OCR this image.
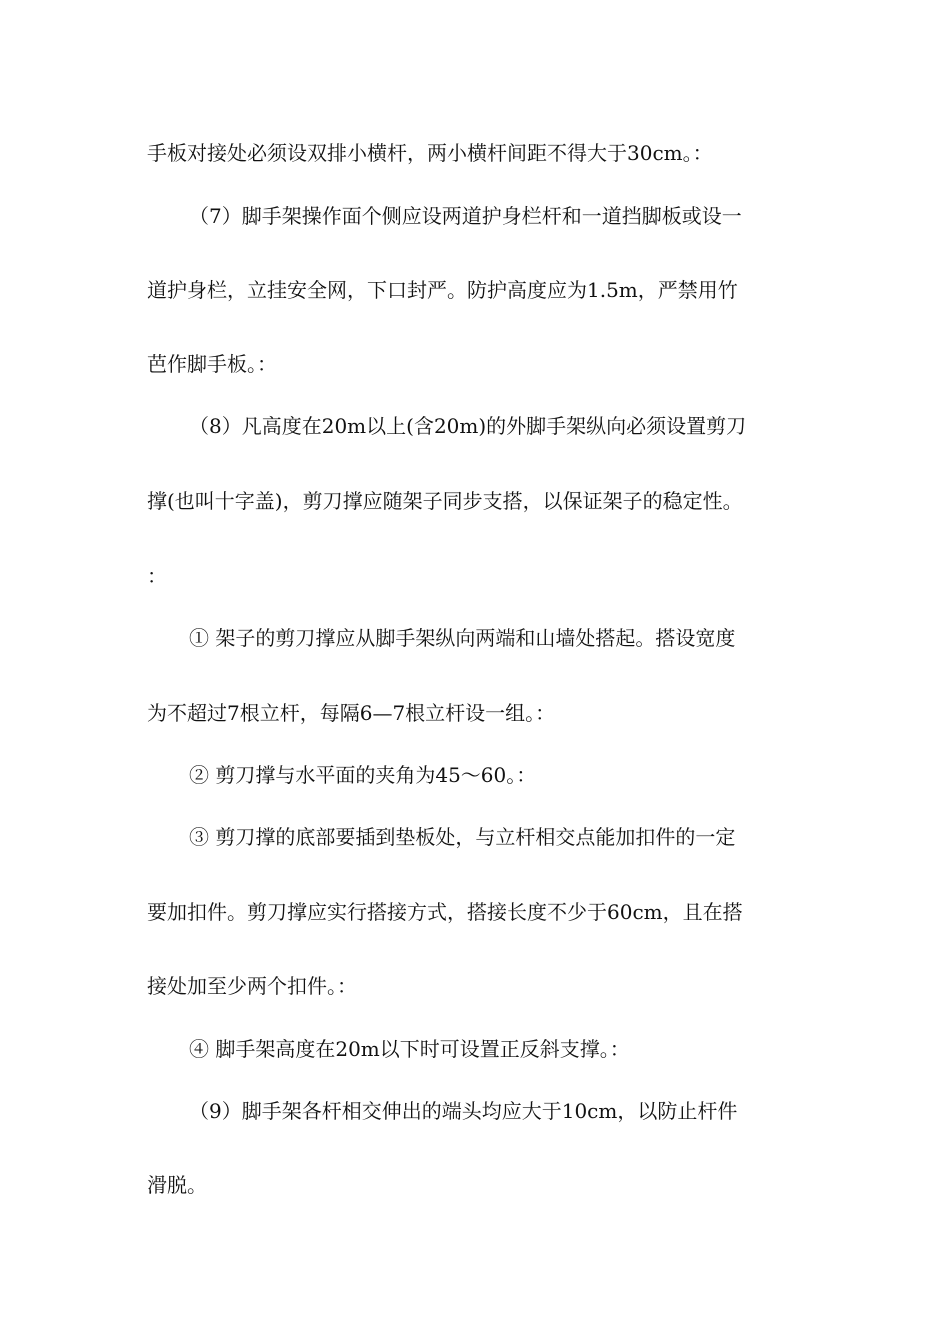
手板对接处必须设双排小横杆，两小横杆间距不得大于30cm。：

（7）脚手架操作面个侧应设两道护身栏杆和一道挡脚板或设一

道护身栏，立挂安全网，下口封严。防护高度应为1.5m，严禁用竹

芭作脚手板。：

（8）凡高度在20m以上(含20m)的外脚手架纵向必须设置剪刀

撑(也叫十字盖)，剪刀撑应随架子同步支搭，以保证架子的稳定性。

：

① 架子的剪刀撑应从脚手架纵向两端和山墙处搭起。搭设宽度

为不超过7根立杆，每隔6—7根立杆设一组。：

② 剪刀撑与水平面的夹角为45～60。：

③ 剪刀撑的底部要插到垫板处，与立杆相交点能加扣件的一定

要加扣件。剪刀撑应实行搭接方式，搭接长度不少于60cm，且在搭

接处加至少两个扣件。：

④ 脚手架高度在20m以下时可设置正反斜支撑。：

（9）脚手架各杆相交伸出的端头均应大于10cm，以防止杆件

滑脱。
